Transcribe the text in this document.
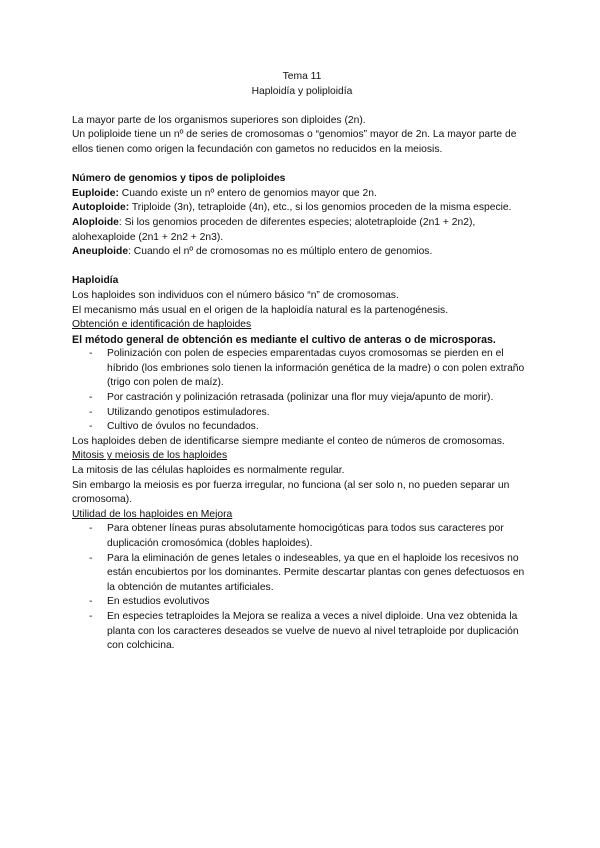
Tema 11

Haploidía y poliploidía

La mayor parte de los organismos superiores son diploides (2n).

Un poliploide tiene un nº de series de cromosomas o “genomios” mayor de 2n. La mayor parte de ellos tienen como origen la fecundación con gametos no reducidos en la meiosis.

Número de genomios y tipos de poliploides

Euploide: Cuando existe un nº entero de genomios mayor que 2n.

Autoploide: Triploide (3n), tetraploide (4n), etc., si los genomios proceden de la misma especie.

Aloploide: Si los genomios proceden de diferentes especies; alotetraploide (2n1 + 2n2), alohexaploide (2n1 + 2n2 + 2n3).

Aneuploide: Cuando el nº de cromosomas no es múltiplo entero de genomios.

Haploidía

Los haploides son individuos con el número básico “n” de cromosomas.

El mecanismo más usual en el origen de la haploidía natural es la partenogénesis.

Obtención e identificación de haploides

El método general de obtención es mediante el cultivo de anteras o de microsporas.

- Polinización con polen de especies emparentadas cuyos cromosomas se pierden en el híbrido (los embriones solo tienen la información genética de la madre) o con polen extraño (trigo con polen de maíz).
- Por castración y polinización retrasada (polinizar una flor muy vieja/apunto de morir).
- Utilizando genotipos estimuladores.
- Cultivo de óvulos no fecundados.

Los haploides deben de identificarse siempre mediante el conteo de números de cromosomas.

Mitosis y meiosis de los haploides

La mitosis de las células haploides es normalmente regular.

Sin embargo la meiosis es por fuerza irregular, no funciona (al ser solo n, no pueden separar un cromosoma).

Utilidad de los haploides en Mejora

- Para obtener líneas puras absolutamente homocigóticas para todos sus caracteres por duplicación cromosómica (dobles haploides).
- Para la eliminación de genes letales o indeseables, ya que en el haploide los recesivos no están encubiertos por los dominantes. Permite descartar plantas con genes defectuosos en la obtención de mutantes artificiales.
- En estudios evolutivos
- En especies tetraploides la Mejora se realiza a veces a nivel diploide. Una vez obtenida la planta con los caracteres deseados se vuelve de nuevo al nivel tetraploide por duplicación con colchicina.
